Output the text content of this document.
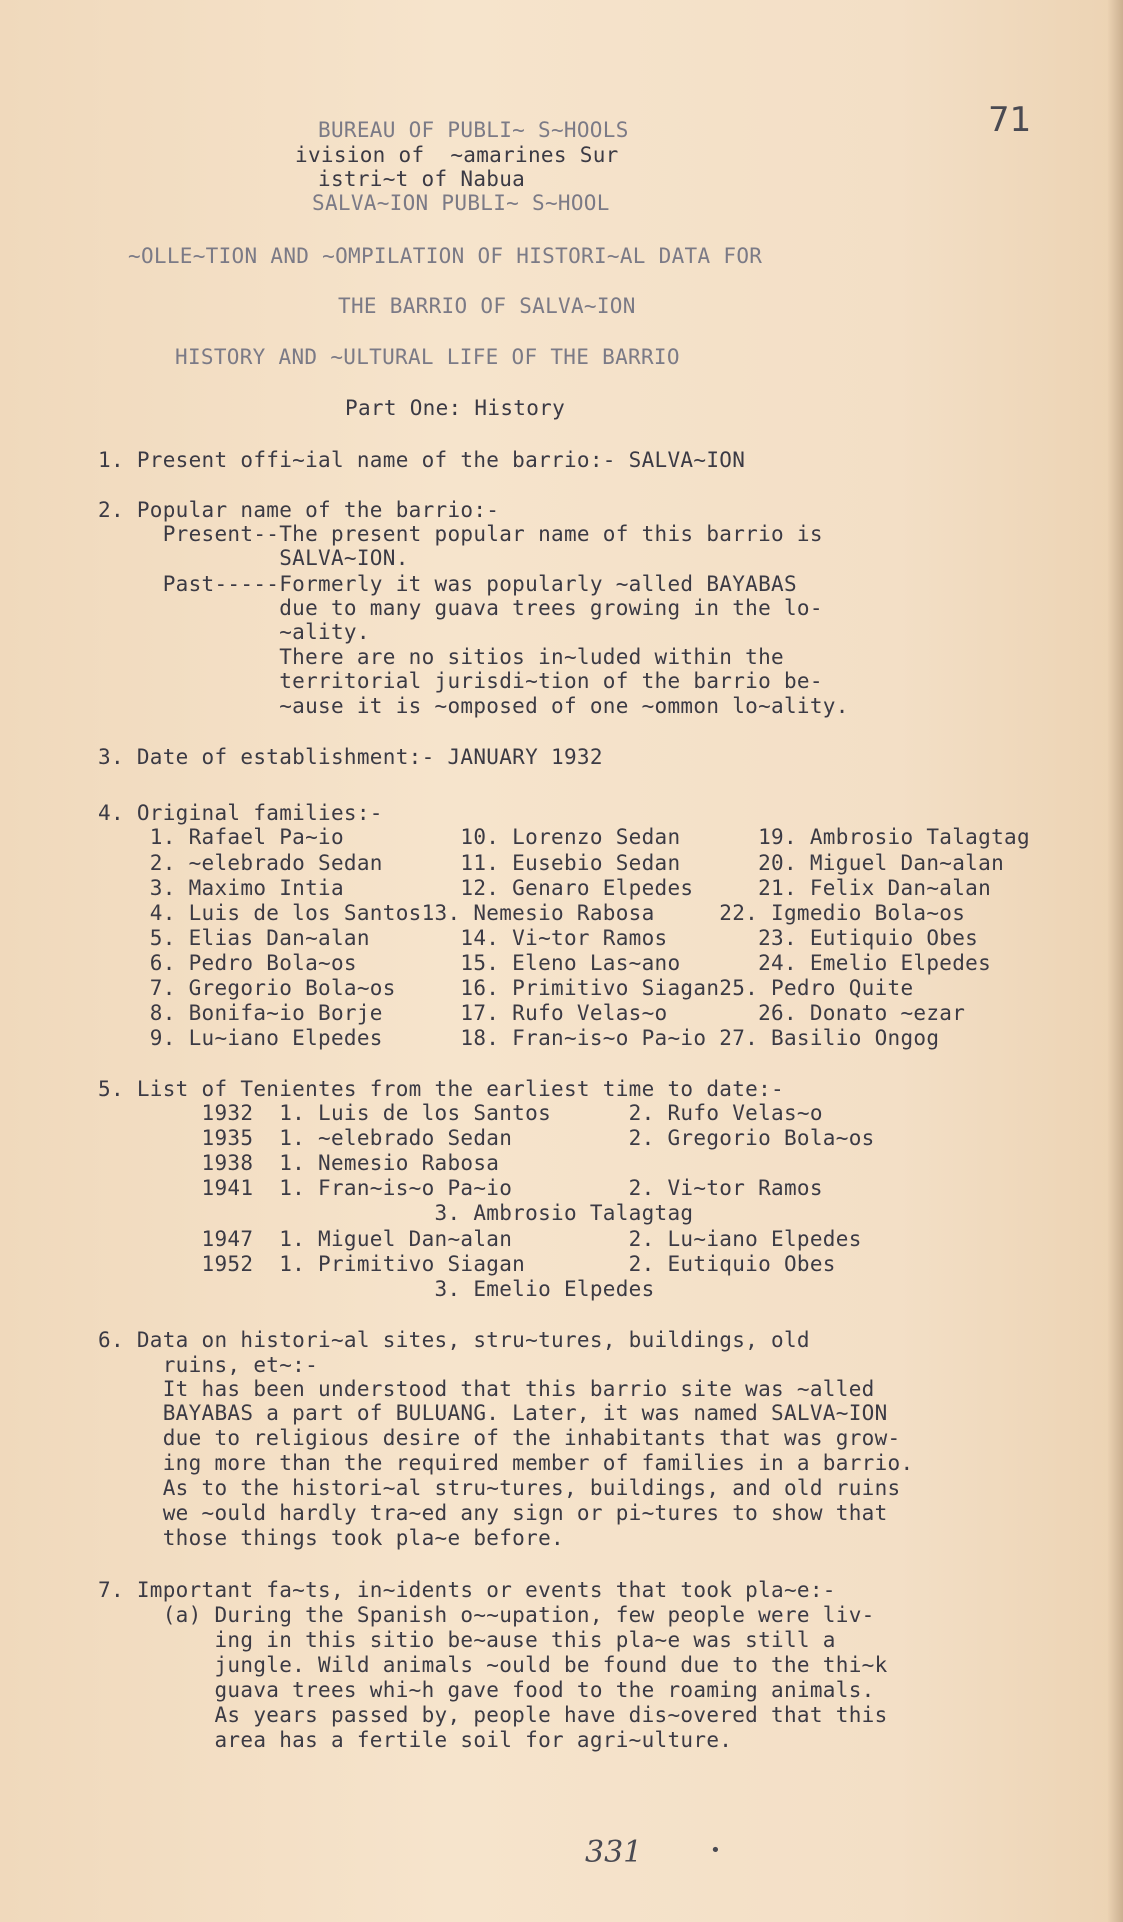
71
BUREAU OF PUBLI~ S~HOOLS
ivision of  ~amarines Sur
istri~t of Nabua
SALVA~ION PUBLI~ S~HOOL
~OLLE~TION AND ~OMPILATION OF HISTORI~AL DATA FOR
THE BARRIO OF SALVA~ION
HISTORY AND ~ULTURAL LIFE OF THE BARRIO
Part One: History
1. Present offi~ial name of the barrio:- SALVA~ION
2. Popular name of the barrio:-
Present--The present popular name of this barrio is
SALVA~ION.
Past-----Formerly it was popularly ~alled BAYABAS
due to many guava trees growing in the lo-
~ality.
There are no sitios in~luded within the
territorial jurisdi~tion of the barrio be-
~ause it is ~omposed of one ~ommon lo~ality.
3. Date of establishment:- JANUARY 1932
4. Original families:-
1. Rafael Pa~io         10. Lorenzo Sedan      19. Ambrosio Talagtag
2. ~elebrado Sedan      11. Eusebio Sedan      20. Miguel Dan~alan
3. Maximo Intia         12. Genaro Elpedes     21. Felix Dan~alan
4. Luis de los Santos13. Nemesio Rabosa     22. Igmedio Bola~os
5. Elias Dan~alan       14. Vi~tor Ramos       23. Eutiquio Obes
6. Pedro Bola~os        15. Eleno Las~ano      24. Emelio Elpedes
7. Gregorio Bola~os     16. Primitivo Siagan25. Pedro Quite
8. Bonifa~io Borje      17. Rufo Velas~o       26. Donato ~ezar
9. Lu~iano Elpedes      18. Fran~is~o Pa~io 27. Basilio Ongog
5. List of Tenientes from the earliest time to date:-
1932  1. Luis de los Santos      2. Rufo Velas~o
1935  1. ~elebrado Sedan         2. Gregorio Bola~os
1938  1. Nemesio Rabosa
1941  1. Fran~is~o Pa~io         2. Vi~tor Ramos
3. Ambrosio Talagtag
1947  1. Miguel Dan~alan         2. Lu~iano Elpedes
1952  1. Primitivo Siagan        2. Eutiquio Obes
3. Emelio Elpedes
6. Data on histori~al sites, stru~tures, buildings, old
ruins, et~:-
It has been understood that this barrio site was ~alled
BAYABAS a part of BULUANG. Later, it was named SALVA~ION
due to religious desire of the inhabitants that was grow-
ing more than the required member of families in a barrio.
As to the histori~al stru~tures, buildings, and old ruins
we ~ould hardly tra~ed any sign or pi~tures to show that
those things took pla~e before.
7. Important fa~ts, in~idents or events that took pla~e:-
(a) During the Spanish o~~upation, few people were liv-
ing in this sitio be~ause this pla~e was still a
jungle. Wild animals ~ould be found due to the thi~k
guava trees whi~h gave food to the roaming animals.
As years passed by, people have dis~overed that this
area has a fertile soil for agri~ulture.
331	•
